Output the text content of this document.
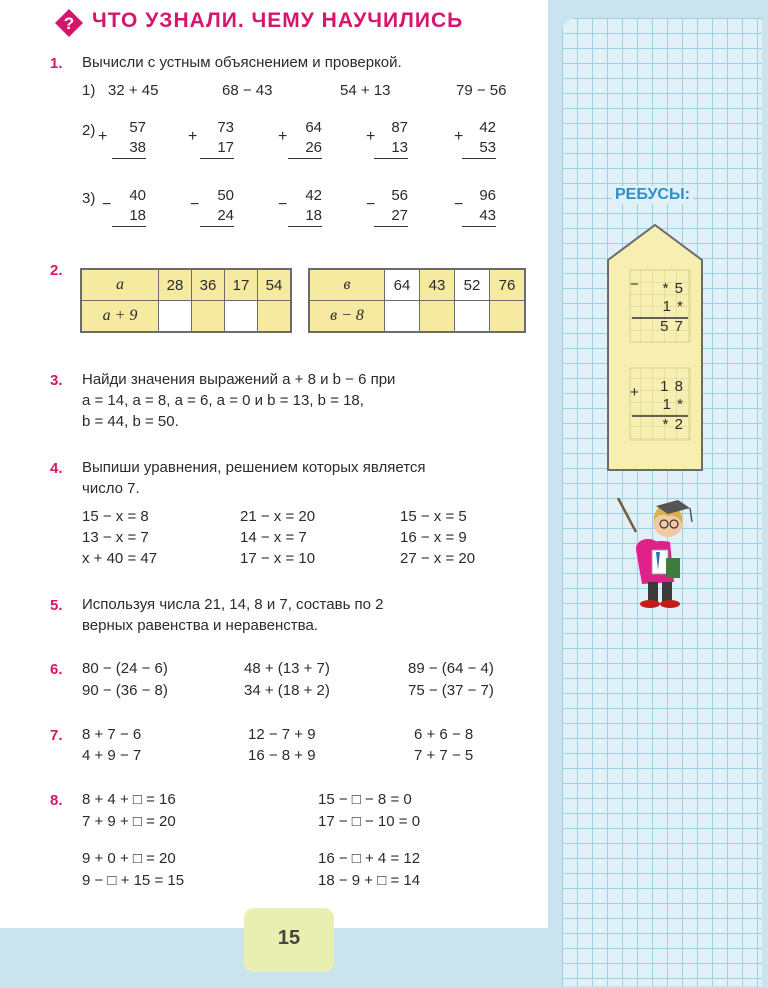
? ЧТО УЗНАЛИ. ЧЕМУ НАУЧИЛИСЬ
1. Вычисли с устным объяснением и проверкой.
1) 32 + 45	68 − 43	54 + 13	79 − 56
2) +
57
38
+
73
17
+
64
26
+
87
13
+
42
53
3) −
40
18
−
50
24
−
42
18
−
56
27
−
96
43
2.
a	28	36	17	54
a + 9				
в	64	43	52	76
в − 8				
3. Найди значения выражений a + 8 и b − 6 при
a = 14, a = 8, a = 6, a = 0 и b = 13, b = 18,
b = 44, b = 50.
4. Выпиши уравнения, решением которых является
число 7.
15 − x = 8	21 − x = 20	15 − x = 5
13 − x = 7	14 − x = 7	16 − x = 9
x + 40 = 47	17 − x = 10	27 − x = 20
5. Используя числа 21, 14, 8 и 7, составь по 2
верных равенства и неравенства.
6. 80 − (24 − 6)	48 + (13 + 7)	89 − (64 − 4)
90 − (36 − 8)	34 + (18 + 2)	75 − (37 − 7)
7. 8 + 7 − 6	12 − 7 + 9	6 + 6 − 8
4 + 9 − 7	16 − 8 + 9	7 + 7 − 5
8. 8 + 4 + □ = 16
7 + 9 + □ = 20
9 + 0 + □ = 20
9 − □ + 15 = 15
15 − □ − 8 = 0
17 − □ − 10 = 0
16 − □ + 4 = 12
18 − 9 + □ = 14
15
РЕБУСЫ:
−	* 5
1 *
5 7
+	1 8
1 *
* 2
